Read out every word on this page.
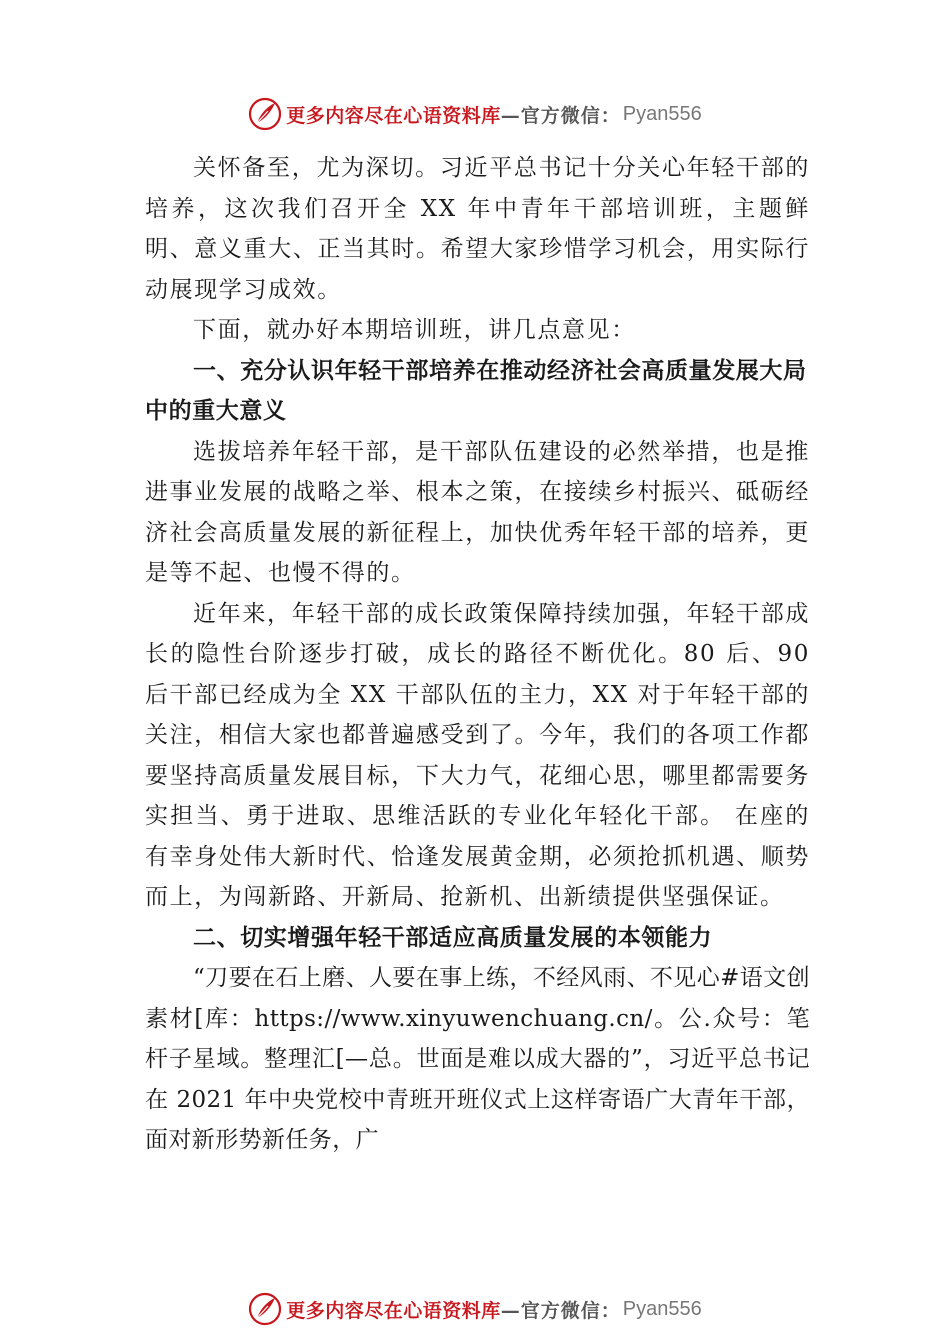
更多内容尽在心语资料库 —官方微信： Pyan556

关怀备至，尤为深切。习近平总书记十分关心年轻干部的培养，这次我们召开全 XX 年中青年干部培训班，主题鲜明、意义重大、正当其时。希望大家珍惜学习机会，用实际行动展现学习成效。

下面，就办好本期培训班，讲几点意见：

一、充分认识年轻干部培养在推动经济社会高质量发展大局中的重大意义

选拔培养年轻干部，是干部队伍建设的必然举措，也是推进事业发展的战略之举、根本之策，在接续乡村振兴、砥砺经济社会高质量发展的新征程上，加快优秀年轻干部的培养，更是等不起、也慢不得的。

近年来，年轻干部的成长政策保障持续加强，年轻干部成长的隐性台阶逐步打破，成长的路径不断优化。80 后、90 后干部已经成为全 XX 干部队伍的主力，XX 对于年轻干部的关注，相信大家也都普遍感受到了。今年，我们的各项工作都要坚持高质量发展目标，下大力气，花细心思，哪里都需要务实担当、勇于进取、思维活跃的专业化年轻化干部。 在座的有幸身处伟大新时代、恰逢发展黄金期，必须抢抓机遇、顺势而上，为闯新路、开新局、抢新机、出新绩提供坚强保证。

二、切实增强年轻干部适应高质量发展的本领能力

“刀要在石上磨、人要在事上练，不经风雨、不见心#语文创素材[库：https://www.xinyuwenchuang.cn/。公.众号：笔杆子星域。整理汇[—总。世面是难以成大器的”，习近平总书记在 2021 年中央党校中青班开班仪式上这样寄语广大青年干部，面对新形势新任务，广

更多内容尽在心语资料库 —官方微信： Pyan556
